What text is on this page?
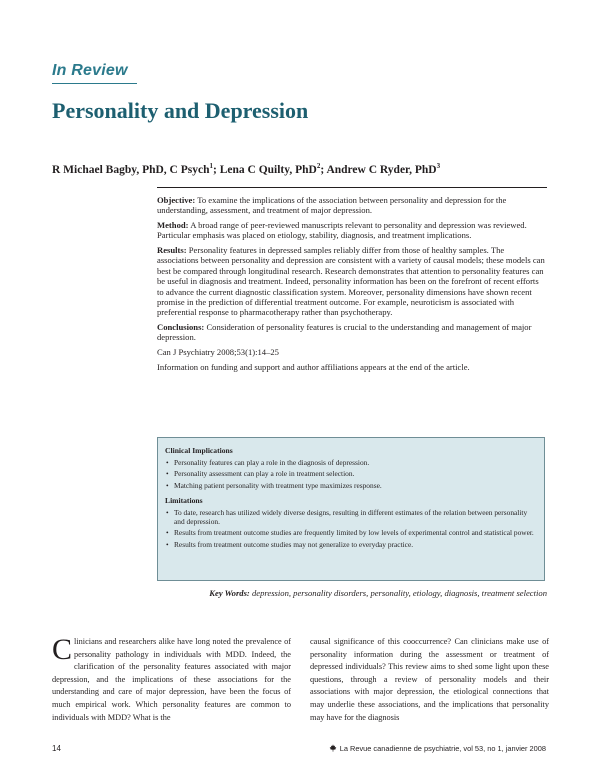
In Review
Personality and Depression
R Michael Bagby, PhD, C Psych$^1$; Lena C Quilty, PhD$^2$; Andrew C Ryder, PhD$^3$

Objective: To examine the implications of the association between personality and depression for the understanding, assessment, and treatment of major depression.

Method: A broad range of peer-reviewed manuscripts relevant to personality and depression was reviewed. Particular emphasis was placed on etiology, stability, diagnosis, and treatment implications.

Results: Personality features in depressed samples reliably differ from those of healthy samples. The associations between personality and depression are consistent with a variety of causal models; these models can best be compared through longitudinal research. Research demonstrates that attention to personality features can be useful in diagnosis and treatment. Indeed, personality information has been on the forefront of recent efforts to advance the current diagnostic classification system. Moreover, personality dimensions have shown recent promise in the prediction of differential treatment outcome. For example, neuroticism is associated with preferential response to pharmacotherapy rather than psychotherapy.

Conclusions: Consideration of personality features is crucial to the understanding and management of major depression.

Can J Psychiatry 2008;53(1):14–25

Information on funding and support and author affiliations appears at the end of the article.

Clinical Implications
• Personality features can play a role in the diagnosis of depression.
• Personality assessment can play a role in treatment selection.
• Matching patient personality with treatment type maximizes response.
Limitations
• To date, research has utilized widely diverse designs, resulting in different estimates of the relation between personality and depression.
• Results from treatment outcome studies are frequently limited by low levels of experimental control and statistical power.
• Results from treatment outcome studies may not generalize to everyday practice.
Key Words: depression, personality disorders, personality, etiology, diagnosis, treatment selection
Clinicians and researchers alike have long noted the prevalence of personality pathology in individuals with MDD. Indeed, the clarification of the personality features associated with major depression, and the implications of these associations for the understanding and care of major depression, have been the focus of much empirical work. Which personality features are common to individuals with MDD? What is the
causal significance of this cooccurrence? Can clinicians make use of personality information during the assessment or treatment of depressed individuals? This review aims to shed some light upon these questions, through a review of personality models and their associations with major depression, the etiological connections that may underlie these associations, and the implications that personality may have for the diagnosis
14	La Revue canadienne de psychiatrie, vol 53, no 1, janvier 2008
